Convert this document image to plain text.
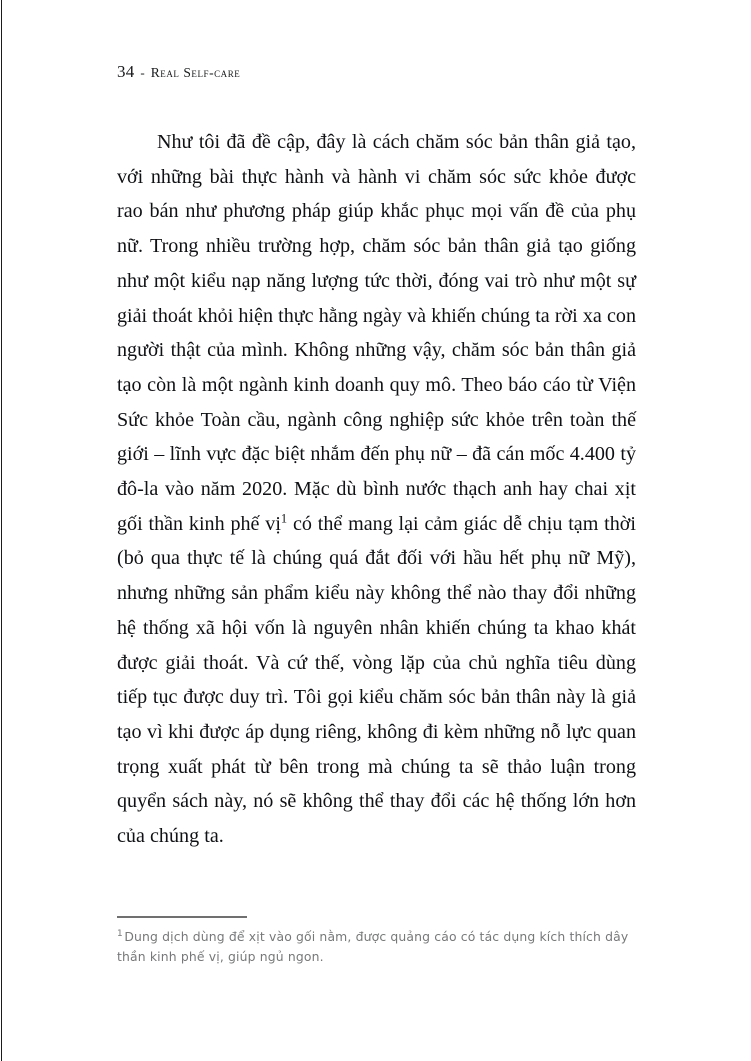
34 - Real Self-care

Như tôi đã đề cập, đây là cách chăm sóc bản thân giả tạo, với những bài thực hành và hành vi chăm sóc sức khỏe được rao bán như phương pháp giúp khắc phục mọi vấn đề của phụ nữ. Trong nhiều trường hợp, chăm sóc bản thân giả tạo giống như một kiểu nạp năng lượng tức thời, đóng vai trò như một sự giải thoát khỏi hiện thực hằng ngày và khiến chúng ta rời xa con người thật của mình. Không những vậy, chăm sóc bản thân giả tạo còn là một ngành kinh doanh quy mô. Theo báo cáo từ Viện Sức khỏe Toàn cầu, ngành công nghiệp sức khỏe trên toàn thế giới – lĩnh vực đặc biệt nhắm đến phụ nữ – đã cán mốc 4.400 tỷ đô-la vào năm 2020. Mặc dù bình nước thạch anh hay chai xịt gối thần kinh phế vị$^1$ có thể mang lại cảm giác dễ chịu tạm thời (bỏ qua thực tế là chúng quá đắt đối với hầu hết phụ nữ Mỹ), nhưng những sản phẩm kiểu này không thể nào thay đổi những hệ thống xã hội vốn là nguyên nhân khiến chúng ta khao khát được giải thoát. Và cứ thế, vòng lặp của chủ nghĩa tiêu dùng tiếp tục được duy trì. Tôi gọi kiểu chăm sóc bản thân này là giả tạo vì khi được áp dụng riêng, không đi kèm những nỗ lực quan trọng xuất phát từ bên trong mà chúng ta sẽ thảo luận trong quyển sách này, nó sẽ không thể thay đổi các hệ thống lớn hơn của chúng ta.

$^1$ Dung dịch dùng để xịt vào gối nằm, được quảng cáo có tác dụng kích thích dây thần kinh phế vị, giúp ngủ ngon.
